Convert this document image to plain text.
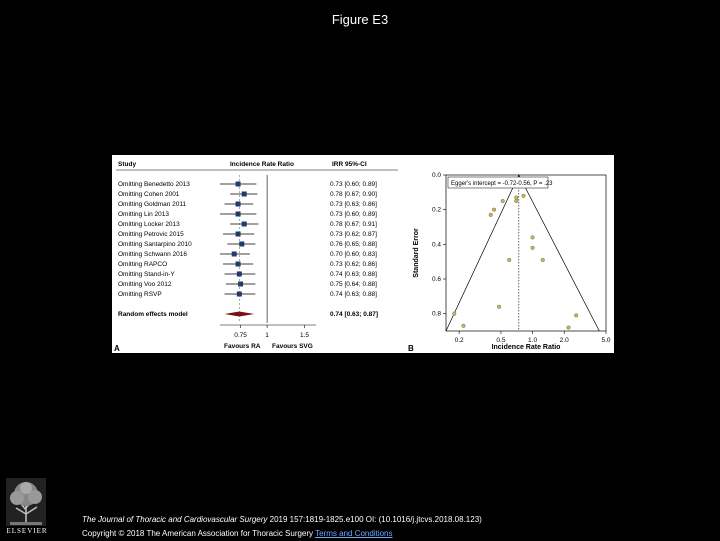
Figure E3
Study	Incidence Rate Ratio	IRR 95%-CI
Omitting Benedetto 2013	0.73 [0.60; 0.89]
Omitting Cohen 2001	0.78 [0.67; 0.90]
Omitting Goldman 2011	0.73 [0.63; 0.86]
Omitting Lin 2013	0.73 [0.60; 0.89]
Omitting Locker 2013	0.78 [0.67; 0.91]
Omitting Petrovic 2015	0.73 [0.62; 0.87]
Omitting Santarpino 2010	0.76 [0.65; 0.88]
Omitting Schwann 2016	0.70 [0.60; 0.83]
Omitting RAPCO	0.73 [0.62; 0.86]
Omitting Stand-in-Y	0.74 [0.63; 0.88]
Omitting Voo 2012	0.75 [0.64; 0.88]
Omitting RSVP	0.74 [0.63; 0.88]
Random effects model	0.74 [0.63; 0.87]
0.75	1	1.5
Favours RA Favours SVG
A
0.0
0.2
0.4
0.6
0.8
0.2	0.5	1.0	2.0	5.0
Incidence Rate Ratio
Standard Error
Egger's intercept = -0.72-0.56, P = .23
B
ELSEVIER
The Journal of Thoracic and Cardiovascular Surgery 2019 157:1819-1825.e100 OI: (10.1016/j.jtcvs.2018.08.123)
Copyright © 2018 The American Association for Thoracic Surgery Terms and Conditions
